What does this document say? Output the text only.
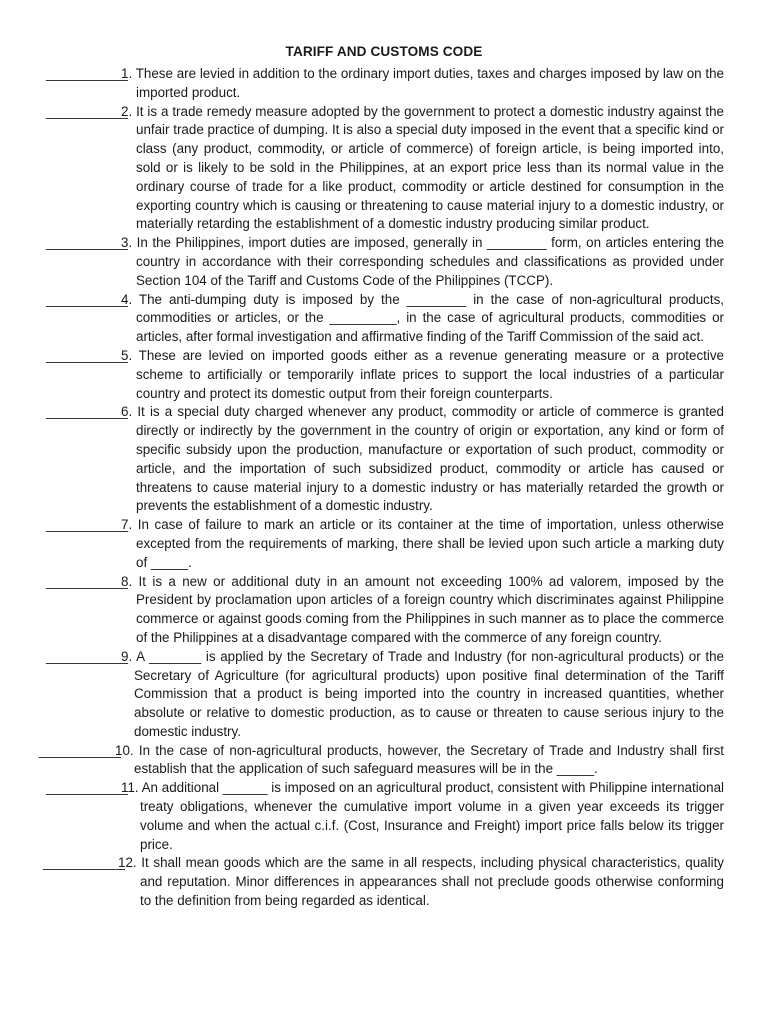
TARIFF AND CUSTOMS CODE
___________
1. These are levied in addition to the ordinary import duties, taxes and charges imposed by law on the imported product.
___________
2. It is a trade remedy measure adopted by the government to protect a domestic industry against the unfair trade practice of dumping. It is also a special duty imposed in the event that a specific kind or class (any product, commodity, or article of commerce) of foreign article, is being imported into, sold or is likely to be sold in the Philippines, at an export price less than its normal value in the ordinary course of trade for a like product, commodity or article destined for consumption in the exporting country which is causing or threatening to cause material injury to a domestic industry, or materially retarding the establishment of a domestic industry producing similar product.
___________
3. In the Philippines, import duties are imposed, generally in ________ form, on articles entering the country in accordance with their corresponding schedules and classifications as provided under Section 104 of the Tariff and Customs Code of the Philippines (TCCP).
___________
4. The anti-dumping duty is imposed by the ________ in the case of non-agricultural products, commodities or articles, or the _________, in the case of agricultural products, commodities or articles, after formal investigation and affirmative finding of the Tariff Commission of the said act.
___________
5. These are levied on imported goods either as a revenue generating measure or a protective scheme to artificially or temporarily inflate prices to support the local industries of a particular country and protect its domestic output from their foreign counterparts.
___________
6. It is a special duty charged whenever any product, commodity or article of commerce is granted directly or indirectly by the government in the country of origin or exportation, any kind or form of specific subsidy upon the production, manufacture or exportation of such product, commodity or article, and the importation of such subsidized product, commodity or article has caused or threatens to cause material injury to a domestic industry or has materially retarded the growth or prevents the establishment of a domestic industry.
___________
7. In case of failure to mark an article or its container at the time of importation, unless otherwise excepted from the requirements of marking, there shall be levied upon such article a marking duty of _____.
___________
8. It is a new or additional duty in an amount not exceeding 100% ad valorem, imposed by the President by proclamation upon articles of a foreign country which discriminates against Philippine commerce or against goods coming from the Philippines in such manner as to place the commerce of the Philippines at a disadvantage compared with the commerce of any foreign country.
___________
9. A _______ is applied by the Secretary of Trade and Industry (for non-agricultural products) or the Secretary of Agriculture (for agricultural products) upon positive final determination of the Tariff Commission that a product is being imported into the country in increased quantities, whether absolute or relative to domestic production, as to cause or threaten to cause serious injury to the domestic industry.
___________
10. In the case of non-agricultural products, however, the Secretary of Trade and Industry shall first establish that the application of such safeguard measures will be in the _____.
___________
11. An additional ______ is imposed on an agricultural product, consistent with Philippine international treaty obligations, whenever the cumulative import volume in a given year exceeds its trigger volume and when the actual c.i.f. (Cost, Insurance and Freight) import price falls below its trigger price.
___________
12. It shall mean goods which are the same in all respects, including physical characteristics, quality and reputation. Minor differences in appearances shall not preclude goods otherwise conforming to the definition from being regarded as identical.
